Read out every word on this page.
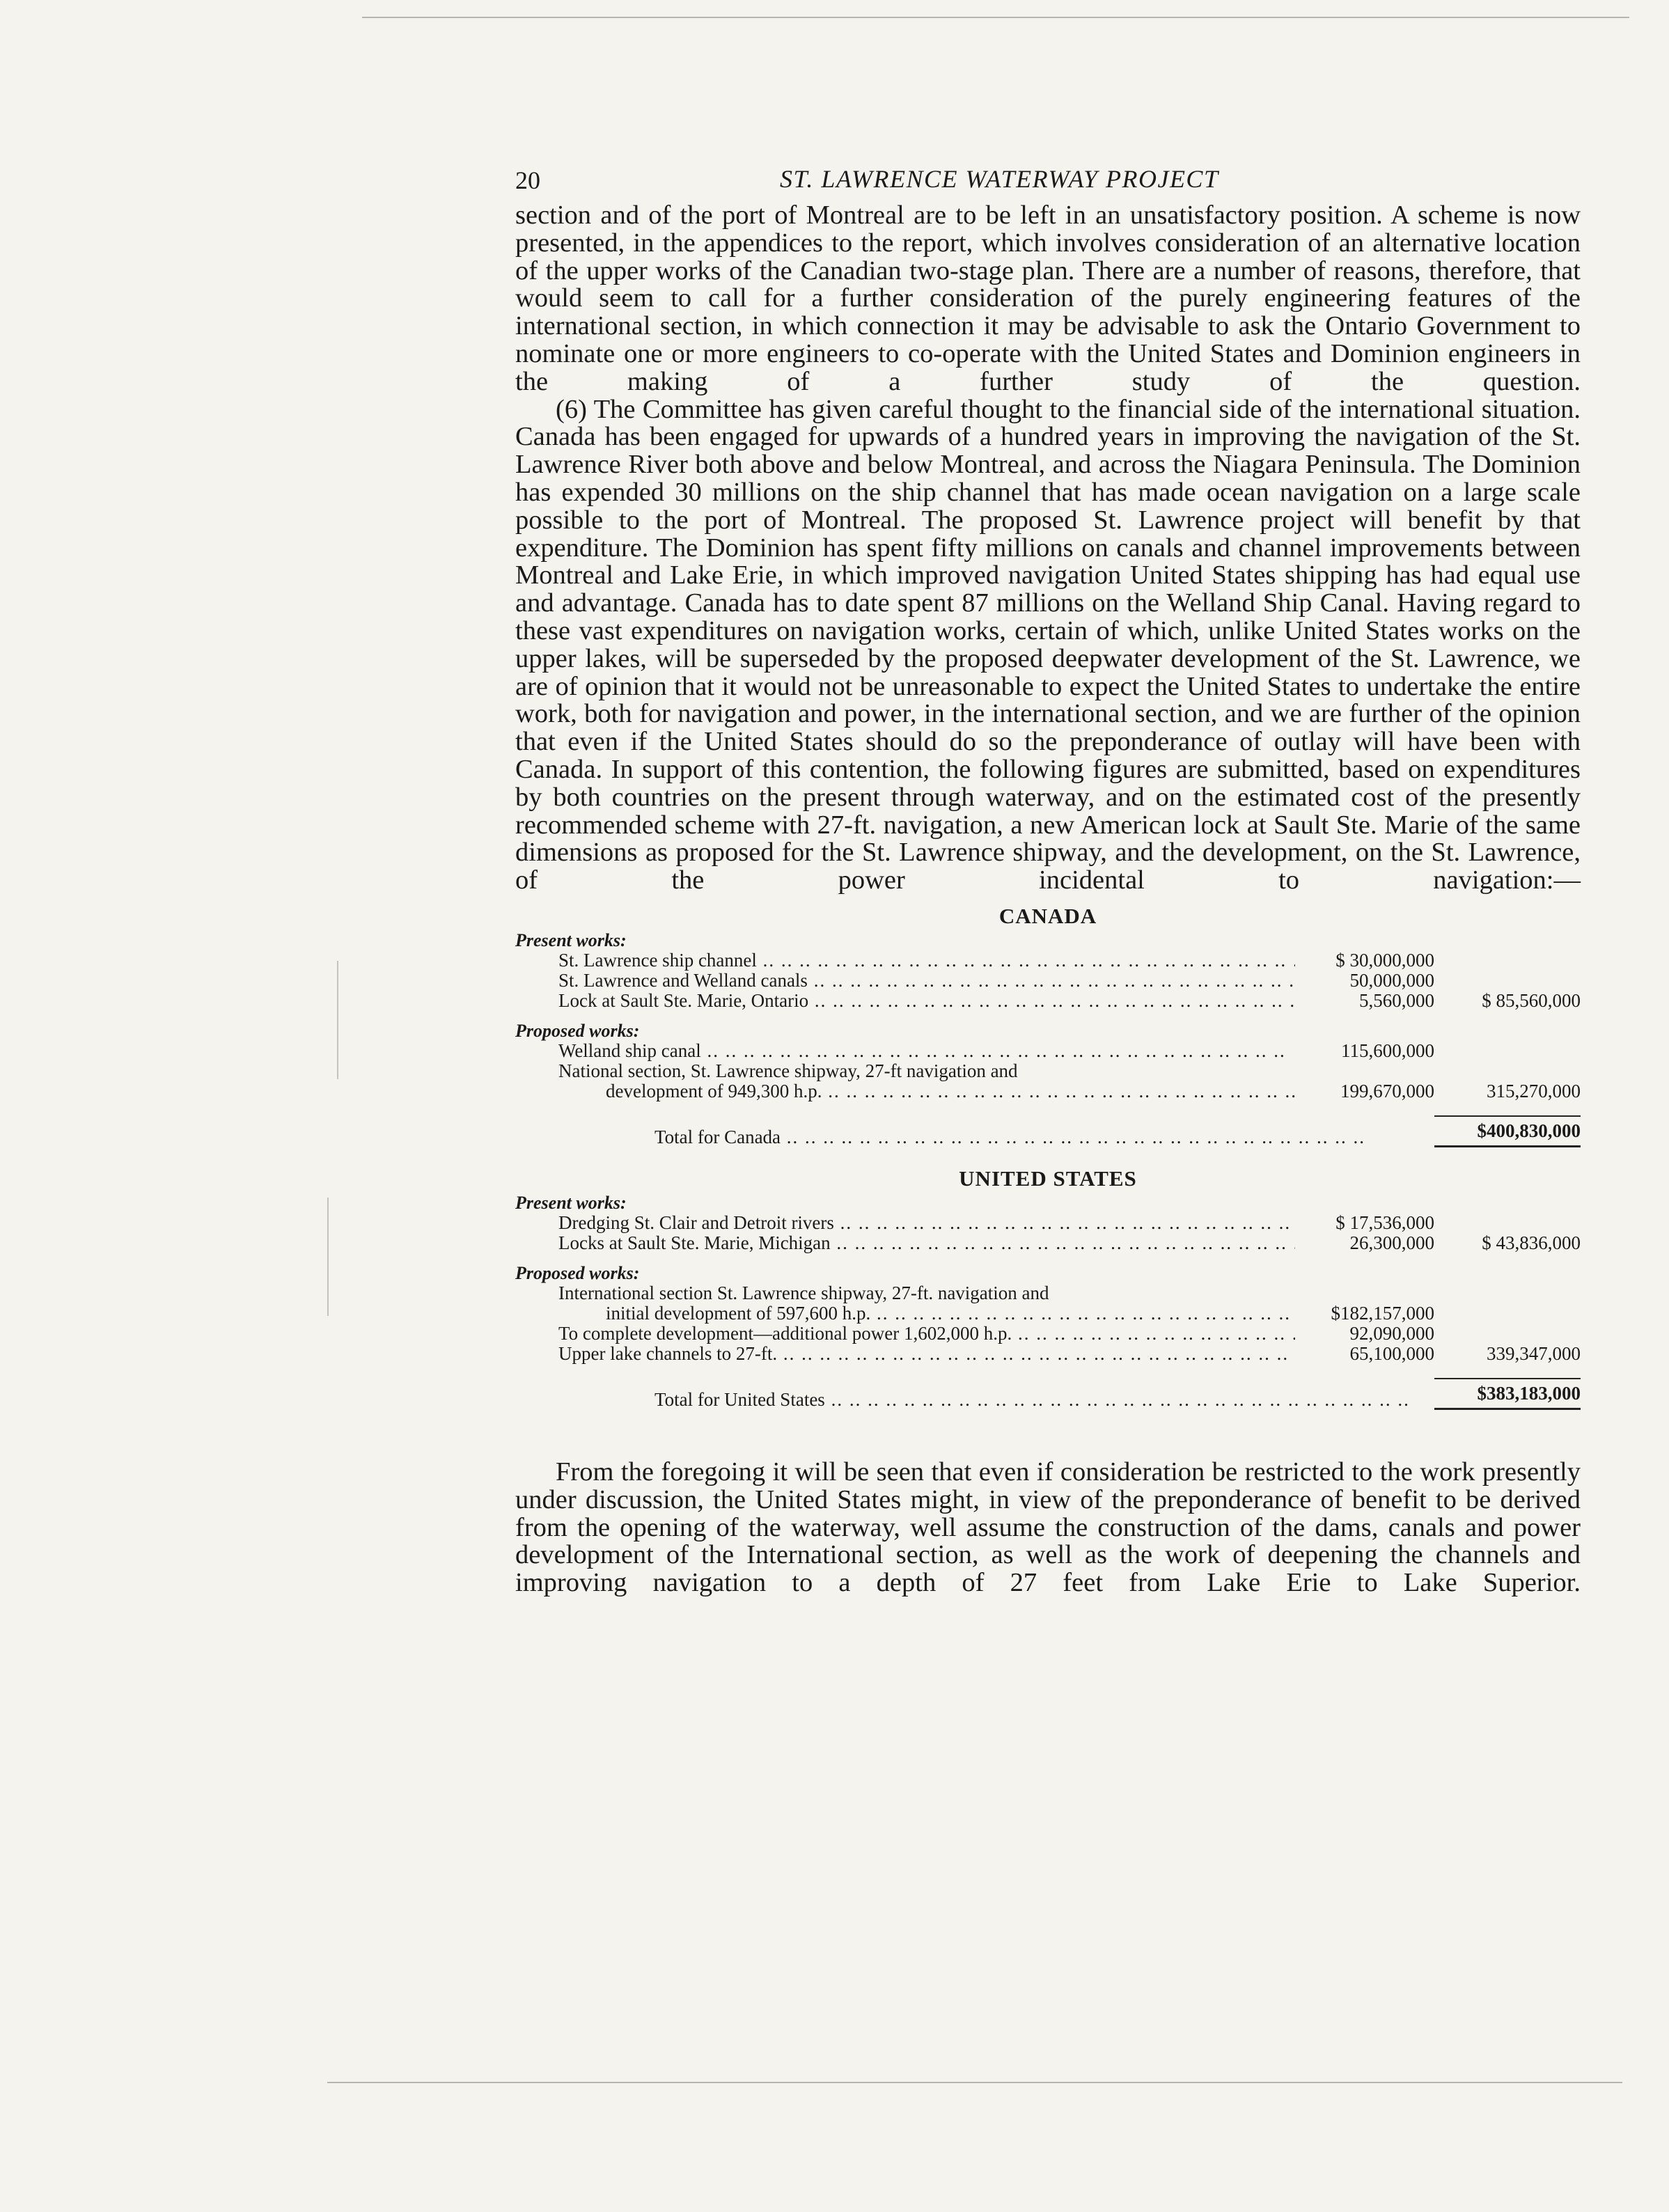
20	ST. LAWRENCE WATERWAY PROJECT

section and of the port of Montreal are to be left in an unsatisfactory position. A scheme is now presented, in the appendices to the report, which involves consideration of an alternative location of the upper works of the Canadian two-stage plan. There are a number of reasons, therefore, that would seem to call for a further consideration of the purely engineering features of the international section, in which connection it may be advisable to ask the Ontario Government to nominate one or more engineers to co-operate with the United States and Dominion engineers in the making of a further study of the question.

(6) The Committee has given careful thought to the financial side of the international situation. Canada has been engaged for upwards of a hundred years in improving the navigation of the St. Lawrence River both above and below Montreal, and across the Niagara Peninsula. The Dominion has expended 30 millions on the ship channel that has made ocean navigation on a large scale possible to the port of Montreal. The proposed St. Lawrence project will benefit by that expenditure. The Dominion has spent fifty millions on canals and channel improvements between Montreal and Lake Erie, in which improved navigation United States shipping has had equal use and advantage. Canada has to date spent 87 millions on the Welland Ship Canal. Having regard to these vast expenditures on navigation works, certain of which, unlike United States works on the upper lakes, will be superseded by the proposed deepwater development of the St. Lawrence, we are of opinion that it would not be unreasonable to expect the United States to undertake the entire work, both for navigation and power, in the international section, and we are further of the opinion that even if the United States should do so the preponderance of outlay will have been with Canada. In support of this contention, the following figures are submitted, based on expenditures by both countries on the present through waterway, and on the estimated cost of the presently recommended scheme with 27-ft. navigation, a new American lock at Sault Ste. Marie of the same dimensions as proposed for the St. Lawrence shipway, and the development, on the St. Lawrence, of the power incidental to navigation:—

CANADA
Present works:
St. Lawrence ship channel .. ..	$ 30,000,000
St. Lawrence and Welland canals .. ..	50,000,000
Lock at Sault Ste. Marie, Ontario .. ..	5,560,000	$ 85,560,000
Proposed works:
Welland ship canal .. ..	115,600,000
National section, St. Lawrence shipway, 27-ft navigation and
development of 949,300 h.p. .. ..	199,670,000	315,270,000
Total for Canada .. ..	$400,830,000
UNITED STATES
Present works:
Dredging St. Clair and Detroit rivers .. ..	$ 17,536,000
Locks at Sault Ste. Marie, Michigan .. ..	26,300,000	$ 43,836,000
Proposed works:
International section St. Lawrence shipway, 27-ft. navigation and
initial development of 597,600 h.p. .. ..	$182,157,000
To complete development—additional power 1,602,000 h.p. .. ..	92,090,000
Upper lake channels to 27-ft. .. ..	65,100,000	339,347,000
Total for United States .. ..	$383,183,000

From the foregoing it will be seen that even if consideration be restricted to the work presently under discussion, the United States might, in view of the preponderance of benefit to be derived from the opening of the waterway, well assume the construction of the dams, canals and power development of the International section, as well as the work of deepening the channels and improving navigation to a depth of 27 feet from Lake Erie to Lake Superior.
